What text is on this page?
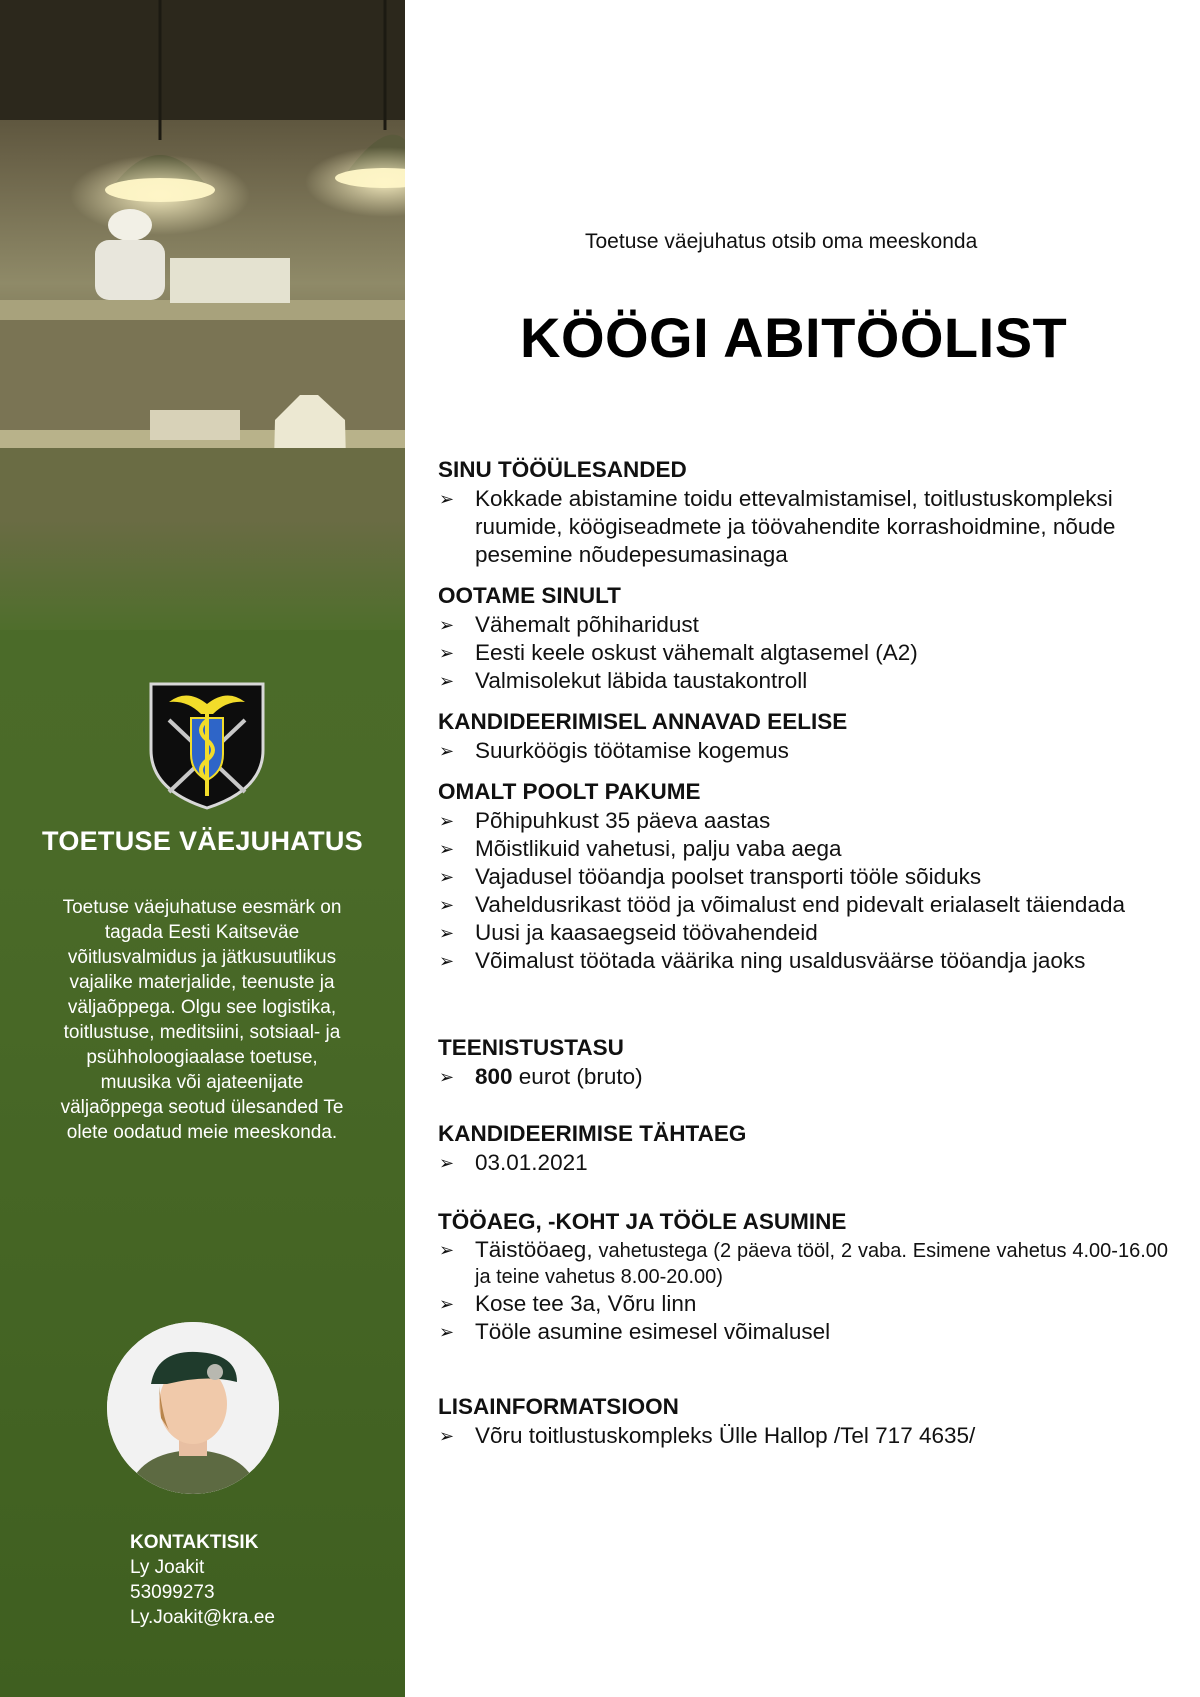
TOETUSE VÄEJUHATUS
Toetuse väejuhatuse eesmärk on tagada Eesti Kaitseväe võitlusvalmidus ja jätkusuutlikus vajalike materjalide, teenuste ja väljaõppega. Olgu see logistika, toitlustuse, meditsiini, sotsiaal- ja psühholoogiaalase toetuse, muusika või ajateenijate väljaõppega seotud ülesanded Te olete oodatud meie meeskonda.
KONTAKTISIK
Ly Joakit
53099273
Ly.Joakit@kra.ee
Toetuse väejuhatus otsib oma meeskonda
KÖÖGI ABITÖÖLIST
SINU TÖÖÜLESANDED
➢ Kokkade abistamine toidu ettevalmistamisel, toitlustuskompleksi ruumide, köögiseadmete ja töövahendite korrashoidmine, nõude pesemine nõudepesumasinaga
OOTAME SINULT
➢ Vähemalt põhiharidust
➢ Eesti keele oskust vähemalt algtasemel (A2)
➢ Valmisolekut läbida taustakontroll
KANDIDEERIMISEL ANNAVAD EELISE
➢ Suurköögis töötamise kogemus
OMALT POOLT PAKUME
➢ Põhipuhkust 35 päeva aastas
➢ Mõistlikuid vahetusi, palju vaba aega
➢ Vajadusel tööandja poolset transporti tööle sõiduks
➢ Vaheldusrikast tööd ja võimalust end pidevalt erialaselt täiendada
➢ Uusi ja kaasaegseid töövahendeid
➢ Võimalust töötada väärika ning usaldusväärse tööandja jaoks
TEENISTUSTASU
➢ 800 eurot (bruto)
KANDIDEERIMISE TÄHTAEG
➢ 03.01.2021
TÖÖAEG, -KOHT JA TÖÖLE ASUMINE
➢ Täistööaeg, vahetustega (2 päeva tööl, 2 vaba. Esimene vahetus 4.00-16.00 ja teine vahetus 8.00-20.00)
➢ Kose tee 3a, Võru linn
➢ Tööle asumine esimesel võimalusel
LISAINFORMATSIOON
➢ Võru toitlustuskompleks Ülle Hallop /Tel 717 4635/
